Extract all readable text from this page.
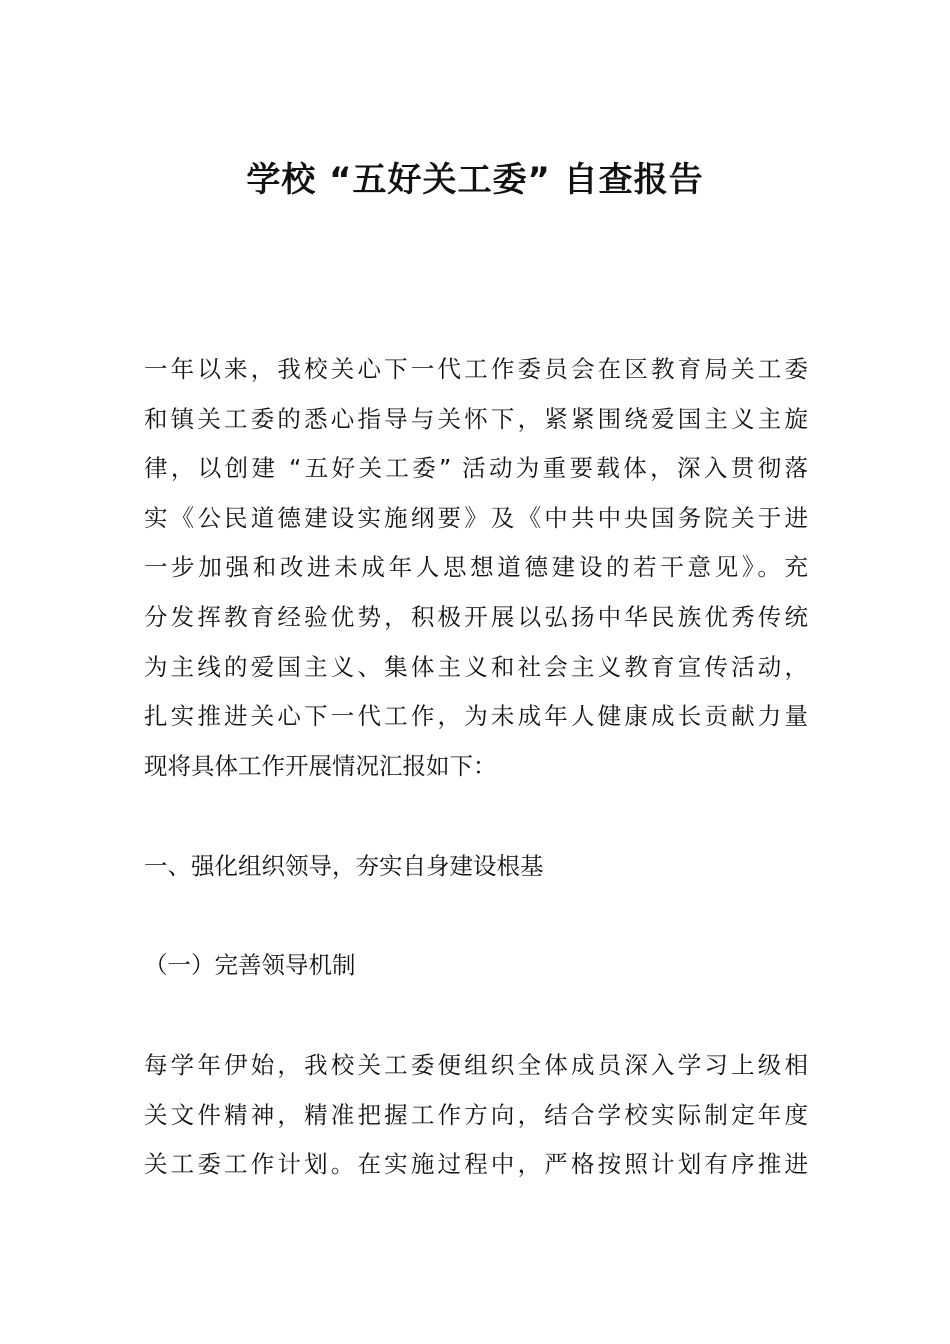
学校 “五好关工委” 自查报告
一年以来，我校关心下一代工作委员会在区教育局关工委
和镇关工委的悉心指导与关怀下，紧紧围绕爱国主义主旋
律，以创建 “五好关工委” 活动为重要载体，深入贯彻落
实《公民道德建设实施纲要》及《中共中央国务院关于进
一步加强和改进未成年人思想道德建设的若干意见》。充
分发挥教育经验优势，积极开展以弘扬中华民族优秀传统
为主线的爱国主义、集体主义和社会主义教育宣传活动，
扎实推进关心下一代工作，为未成年人健康成长贡献力量
现将具体工作开展情况汇报如下：
一、强化组织领导，夯实自身建设根基
（一）完善领导机制
每学年伊始，我校关工委便组织全体成员深入学习上级相
关文件精神，精准把握工作方向，结合学校实际制定年度
关工委工作计划。在实施过程中，严格按照计划有序推进
